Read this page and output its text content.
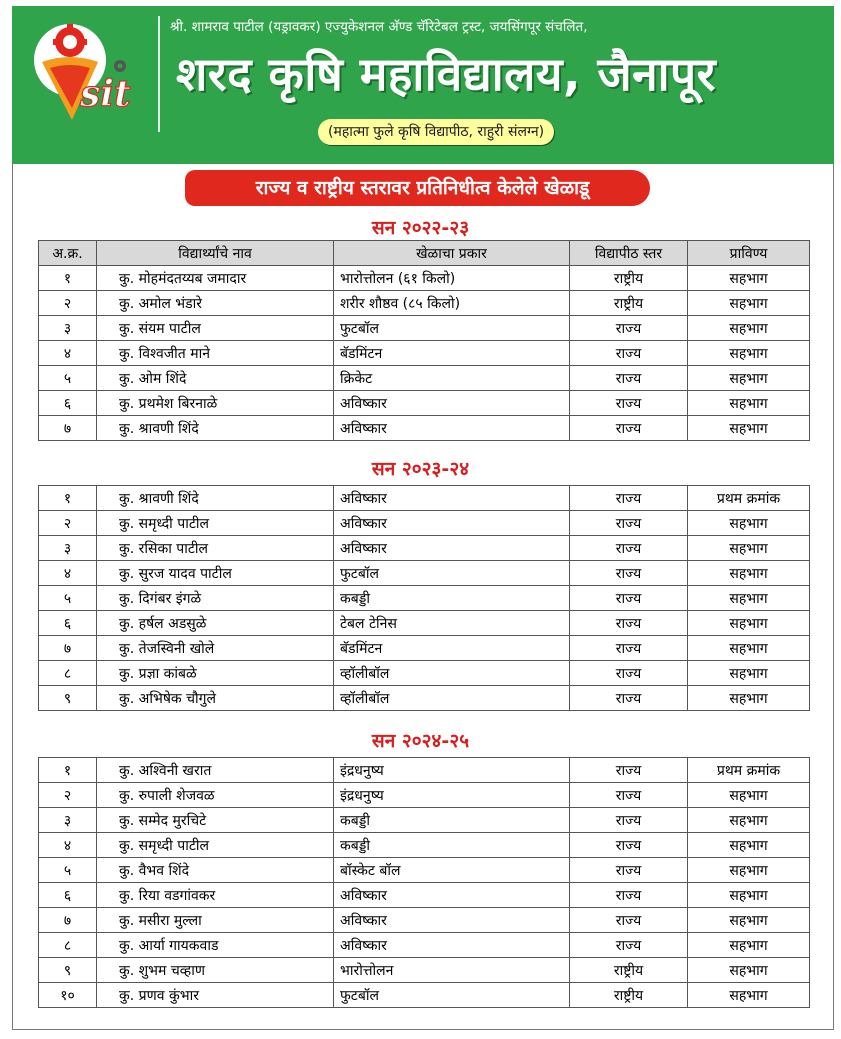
sit
श्री. शामराव पाटील (यड्रावकर) एज्युकेशनल अ‍ॅण्ड चॅरिटेबल ट्रस्ट, जयसिंगपूर संचलित,
शरद कृषि महाविद्यालय, जैनापूर
(महात्मा फुले कृषि विद्यापीठ, राहुरी संलग्न)
राज्य व राष्ट्रीय स्तरावर प्रतिनिधीत्व केलेले खेळाडू
सन २०२२-२३
अ.क्र.	विद्यार्थ्यांचे नाव	खेळाचा प्रकार	विद्यापीठ स्तर	प्राविण्य
१	कु. मोहमंदतय्यब जमादार	भारोत्तोलन (६१ किलो)	राष्ट्रीय	सहभाग
२	कु. अमोल भंडारे	शरीर शौष्ठव (८५ किलो)	राष्ट्रीय	सहभाग
३	कु. संयम पाटील	फुटबॉल	राज्य	सहभाग
४	कु. विश्वजीत माने	बॅडमिंटन	राज्य	सहभाग
५	कु. ओम शिंदे	क्रिकेट	राज्य	सहभाग
६	कु. प्रथमेश बिरनाळे	अविष्कार	राज्य	सहभाग
७	कु. श्रावणी शिंदे	अविष्कार	राज्य	सहभाग
सन २०२३-२४
१	कु. श्रावणी शिंदे	अविष्कार	राज्य	प्रथम क्रमांक
२	कु. समृध्दी पाटील	अविष्कार	राज्य	सहभाग
३	कु. रसिका पाटील	अविष्कार	राज्य	सहभाग
४	कु. सुरज यादव पाटील	फुटबॉल	राज्य	सहभाग
५	कु. दिगंबर इंगळे	कबड्डी	राज्य	सहभाग
६	कु. हर्षल अडसुळे	टेबल टेनिस	राज्य	सहभाग
७	कु. तेजस्विनी खोले	बॅडमिंटन	राज्य	सहभाग
८	कु. प्रज्ञा कांबळे	व्हॉलीबॉल	राज्य	सहभाग
९	कु. अभिषेक चौगुले	व्हॉलीबॉल	राज्य	सहभाग
सन २०२४-२५
१	कु. अश्विनी खरात	इंद्रधनुष्य	राज्य	प्रथम क्रमांक
२	कु. रुपाली शेजवळ	इंद्रधनुष्य	राज्य	सहभाग
३	कु. सम्मेद मुरचिटे	कबड्डी	राज्य	सहभाग
४	कु. समृध्दी पाटील	कबड्डी	राज्य	सहभाग
५	कु. वैभव शिंदे	बॉस्केट बॉल	राज्य	सहभाग
६	कु. रिया वडगांवकर	अविष्कार	राज्य	सहभाग
७	कु. मसीरा मुल्ला	अविष्कार	राज्य	सहभाग
८	कु. आर्या गायकवाड	अविष्कार	राज्य	सहभाग
९	कु. शुभम चव्हाण	भारोत्तोलन	राष्ट्रीय	सहभाग
१०	कु. प्रणव कुंभार	फुटबॉल	राष्ट्रीय	सहभाग
